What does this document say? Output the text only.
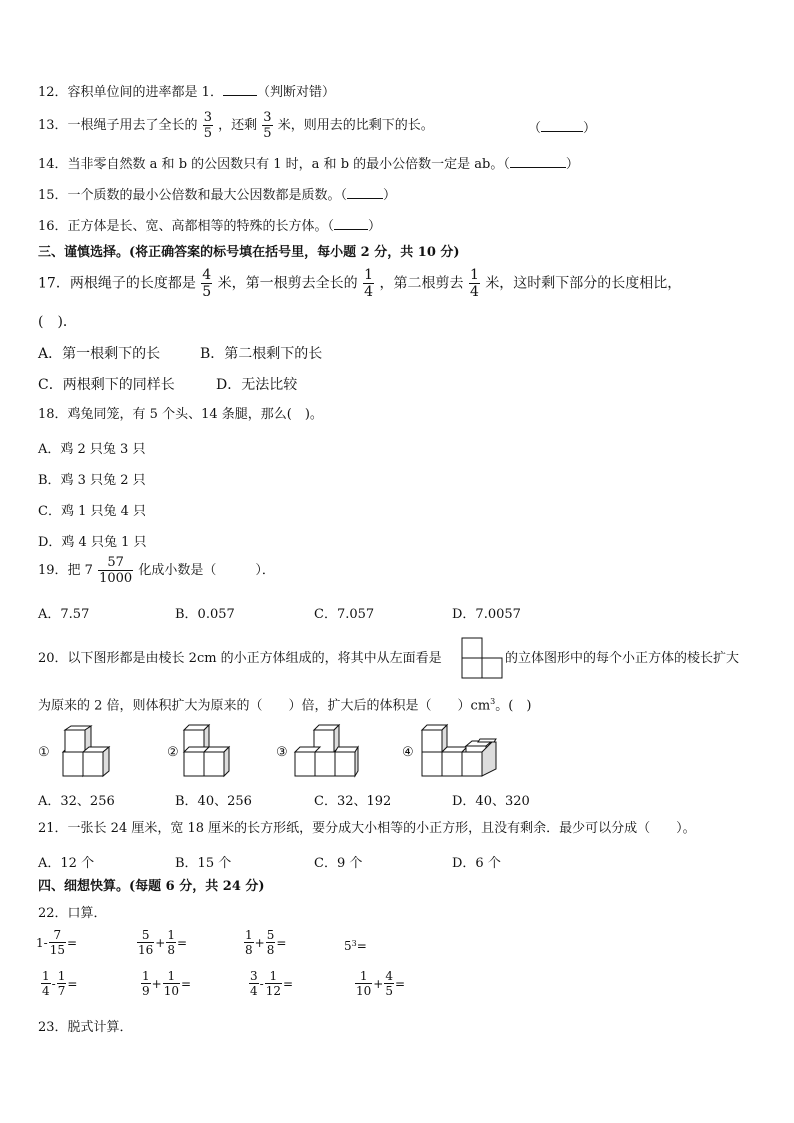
12．容积单位间的进率都是 1．	（判断对错）
13．一根绳子用去了全长的 $\frac{3}{5}$ ，还剩 $\frac{3}{5}$ 米，则用去的比剩下的长。	（	）
14．当非零自然数 a 和 b 的公因数只有 1 时，a 和 b 的最小公倍数一定是 ab。（	）
15．一个质数的最小公倍数和最大公因数都是质数。（	）
16．正方体是长、宽、高都相等的特殊的长方体。（	）
三、谨慎选择。(将正确答案的标号填在括号里，每小题 2 分，共 10 分)
17．两根绳子的长度都是 $\frac{4}{5}$ 米，第一根剪去全长的 $\frac{1}{4}$ ，第二根剪去 $\frac{1}{4}$ 米，这时剩下部分的长度相比，
(　)．
A．第一根剩下的长	B．第二根剩下的长
C．两根剩下的同样长	D．无法比较
18．鸡兔同笼，有 5 个头、14 条腿，那么(　)。
A．鸡 2 只兔 3 只
B．鸡 3 只兔 2 只
C．鸡 1 只兔 4 只
D．鸡 4 只兔 1 只
19．把 $7 \frac{57}{1000}$ 化成小数是（　　　）．
A．7.57	B．0.057	C．7.057	D．7.0057
20．以下图形都是由棱长 2cm 的小正方体组成的，将其中从左面看是	的立体图形中的每个小正方体的棱长扩大
为原来的 2 倍，则体积扩大为原来的（　　）倍，扩大后的体积是（　　）$cm^3$。(　)
①	②	③	④
A．32、256	B．40、256	C．32、192	D．40、320
21．一张长 24 厘米，宽 18 厘米的长方形纸，要分成大小相等的小正方形，且没有剩余．最少可以分成（　　）。
A．12 个	B．15 个	C．9 个	D．6 个
四、细想快算。(每题 6 分，共 24 分)
22．口算．
$1- \frac{7}{15}$ =	$\frac{5}{16} + \frac{1}{8}$ =	$\frac{1}{8} + \frac{5}{8}$ =	$5^3$ =
$\frac{1}{4} - \frac{1}{7}$ =	$\frac{1}{9} + \frac{1}{10}$ =	$\frac{3}{4} - \frac{1}{12}$ =	$\frac{1}{10} + \frac{4}{5}$ =
23．脱式计算．
